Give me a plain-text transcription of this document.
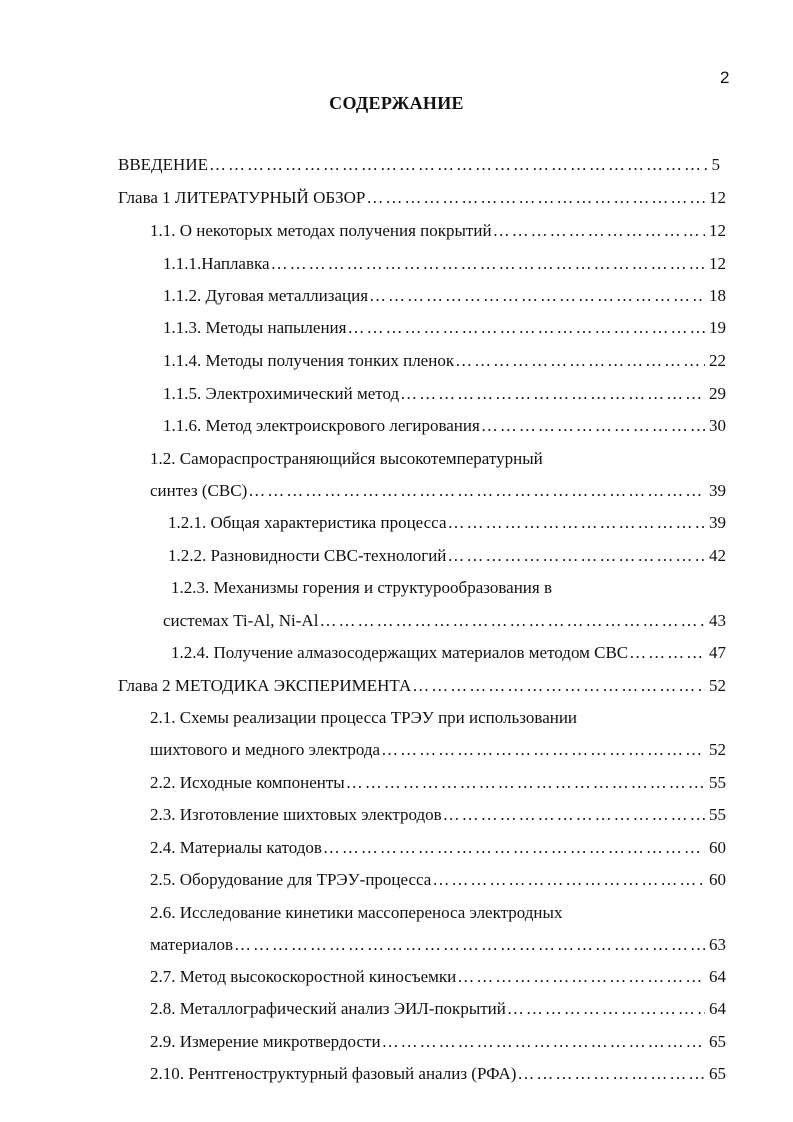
2
СОДЕРЖАНИЕ
ВВЕДЕНИЕ ………………………………………………………………………………………………………………………………………………………………………	5
Глава 1 ЛИТЕРАТУРНЫЙ ОБЗОР ………………………………………………………………………………………………………………………………………………………………………	12
1.1. О некоторых методах получения покрытий ………………………………………………………………………………………………………………………………………………………………………	12
1.1.1.Наплавка ………………………………………………………………………………………………………………………………………………………………………	12
1.1.2. Дуговая металлизация ………………………………………………………………………………………………………………………………………………………………………	18
1.1.3. Методы напыления ………………………………………………………………………………………………………………………………………………………………………	19
1.1.4. Методы получения тонких пленок ………………………………………………………………………………………………………………………………………………………………………	22
1.1.5. Электрохимический метод ………………………………………………………………………………………………………………………………………………………………………	29
1.1.6. Метод электроискрового легирования ………………………………………………………………………………………………………………………………………………………………………	30
1.2. Самораспространяющийся высокотемпературный
синтез (СВС) ………………………………………………………………………………………………………………………………………………………………………	39
1.2.1. Общая характеристика процесса ………………………………………………………………………………………………………………………………………………………………………	39
1.2.2. Разновидности СВС-технологий ………………………………………………………………………………………………………………………………………………………………………	42
1.2.3. Механизмы горения и структурообразования в
системах Ti-Al, Ni-Al ………………………………………………………………………………………………………………………………………………………………………	43
1.2.4. Получение алмазосодержащих материалов методом СВС ………………………………………………………………………………………………………………………………………………………………………	47
Глава 2 МЕТОДИКА ЭКСПЕРИМЕНТА ………………………………………………………………………………………………………………………………………………………………………	52
2.1. Схемы реализации процесса ТРЭУ при использовании
шихтового и медного электрода ………………………………………………………………………………………………………………………………………………………………………	52
2.2. Исходные компоненты ………………………………………………………………………………………………………………………………………………………………………	55
2.3. Изготовление шихтовых электродов ………………………………………………………………………………………………………………………………………………………………………	55
2.4. Материалы катодов ………………………………………………………………………………………………………………………………………………………………………	60
2.5. Оборудование для ТРЭУ-процесса ………………………………………………………………………………………………………………………………………………………………………	60
2.6. Исследование кинетики массопереноса электродных
материалов ………………………………………………………………………………………………………………………………………………………………………	63
2.7. Метод высокоскоростной киносъемки ………………………………………………………………………………………………………………………………………………………………………	64
2.8. Металлографический анализ ЭИЛ-покрытий ………………………………………………………………………………………………………………………………………………………………………	64
2.9. Измерение микротвердости ………………………………………………………………………………………………………………………………………………………………………	65
2.10. Рентгеноструктурный фазовый анализ (РФА) ………………………………………………………………………………………………………………………………………………………………………	65
